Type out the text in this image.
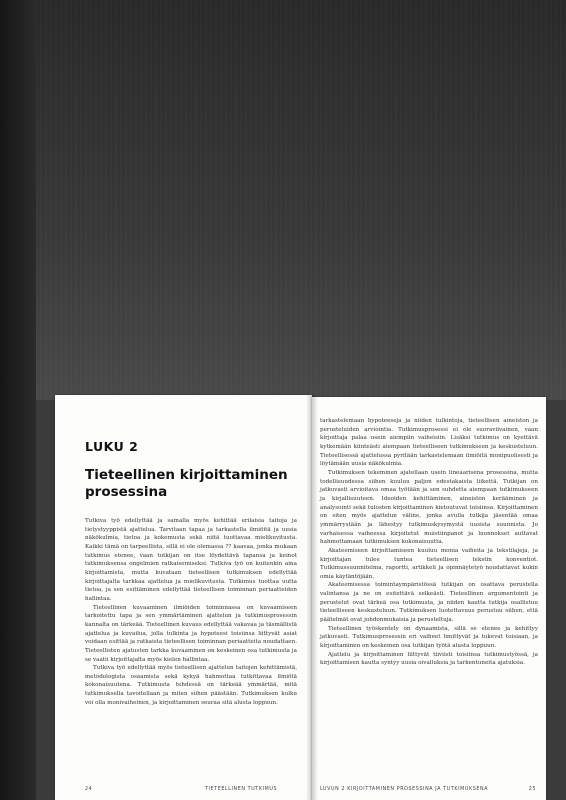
LUKU 2
Tieteellinen kirjoittaminen prosessina

Tutkiva työ edellyttää ja samalla myös kehittää erilaisia taitoja ja tietystyyppistä ajattelua. Tarvitaan tapaa ja tarkastella ilmiöitä ja uusia näkökulmia, tietoa ja kokemusta sekä niitä tuottavaa mielikuvitusta. Kaikki tämä on tarpeellista, sillä ei ole olemassa ?? kaavaa, jonka mukaan tutkimus etenee, vaan tutkijan on itse löydettävä tapansa ja keinot tutkimuksensa ongelmien ratkaisemiseksi. Tutkiva työ on kuitenkin aina kirjoittamista, mutta kuvataan tieteellisen tutkimuksen edellyttää kirjoittajalta tarkkaa ajattelua ja mielikuvitusta. Tutkimus tuottaa uutta tietoa, ja sen esittäminen edellyttää tieteellisen toiminnan periaatteiden hallintaa.

Tieteellinen kuvaaminen ilmiöiden toiminnassa on kuvaamiseen tarkoitettu tapa ja sen ymmärtäminen ajattelun ja tutkimusprosessin kannalta on tärkeää. Tieteellinen kuvaus edellyttää vakavaa ja täsmällistä ajattelua ja kuvailua, jolla tulkinta ja hypoteesi toisiinsa liittyvät asiat voidaan esittää ja ratkaista tieteellisen toiminnan periaatteita noudattaen. Tieteellisten ajatusten tarkka kuvaaminen on keskeinen osa tutkimusta ja se vaatii kirjoittajalta myös kielen hallintaa.

Tutkiva työ edellyttää myös tieteellisen ajattelun taitojen kehittämistä, metodologista osaamista sekä kykyä hahmottaa tutkittavaa ilmiötä kokonaisuutena. Tutkimusta tehdessä on tärkeää ymmärtää, mitä tutkimuksella tavoitellaan ja miten siihen päästään. Tutkimuksen kulku voi olla monivaiheinen, ja kirjoittaminen seuraa sitä alusta loppuun.

24	TIETEELLINEN TUTKIMUS

tarkastelemaan hypoteeseja ja niiden tulkintoja, tieteellisen aineiston ja perusteluiden arviointia. Tutkimusprosessi ei ole suoraviivainen, vaan kirjoittaja palaa usein aiempiin vaiheisiin. Lisäksi tutkimus on kyettävä kytkemään kiinteästi aiempaan tieteelliseen tutkimukseen ja keskusteluun. Tieteellisessä ajattelussa pyritään tarkastelemaan ilmiöitä monipuolisesti ja löytämään uusia näkökulmia.

Tutkimuksen tekeminen ajatellaan usein lineaarisena prosessina, mutta todellisuudessa siihen kuuluu paljon edestakaista liikettä. Tutkijan on jatkuvasti arvioitava omaa työtään ja sen suhdetta aiempaan tutkimukseen ja kirjallisuuteen. Ideoiden kehittäminen, aineiston kerääminen ja analysointi sekä tulosten kirjoittaminen kietoutuvat toisiinsa. Kirjoittaminen on siten myös ajattelun väline, jonka avulla tutkija jäsentää omaa ymmärrystään ja lähestyy tutkimuskysymystä uusista suunnista. Jo varhaisessa vaiheessa kirjoitetut muistiinpanot ja luonnokset auttavat hahmottamaan tutkimuksen kokonaisuutta.

Akateemiseen kirjoittamiseen kuuluu monia vaiheita ja tekstilajeja, ja kirjoittajan tulee tuntea tieteellisen tekstin konventiot. Tutkimussuunnitelma, raportti, artikkeli ja opinnäytetyö noudattavat kukin omia käytäntöjään.

Akateemisessa toimintaympäristössä tutkijan on osattava perustella valintansa ja ne on esitettävä selkeästi. Tieteellinen argumentointi ja perustelut ovat tärkeä osa tutkimusta, ja niiden kautta tutkija osallistuu tieteelliseen keskusteluun. Tutkimuksen luotettavuus perustuu siihen, että päätelmät ovat johdonmukaisia ja perusteltuja.

Tieteellinen työskentely on dynaamista, sillä se etenee ja kehittyy jatkuvasti. Tutkimusprosessin eri vaiheet limittyvät ja tukevat toisiaan, ja kirjoittaminen on keskeinen osa tutkijan työtä alusta loppuun.

Ajattelu ja kirjoittaminen liittyvät tiiviisti toisiinsa tutkimustyössä, ja kirjoittamisen kautta syntyy uusia oivalluksia ja tarkentuneita ajatuksia.

LUVUN 2 KIRJOITTAMINEN PROSESSINA JA TUTKIMUKSENA	25
